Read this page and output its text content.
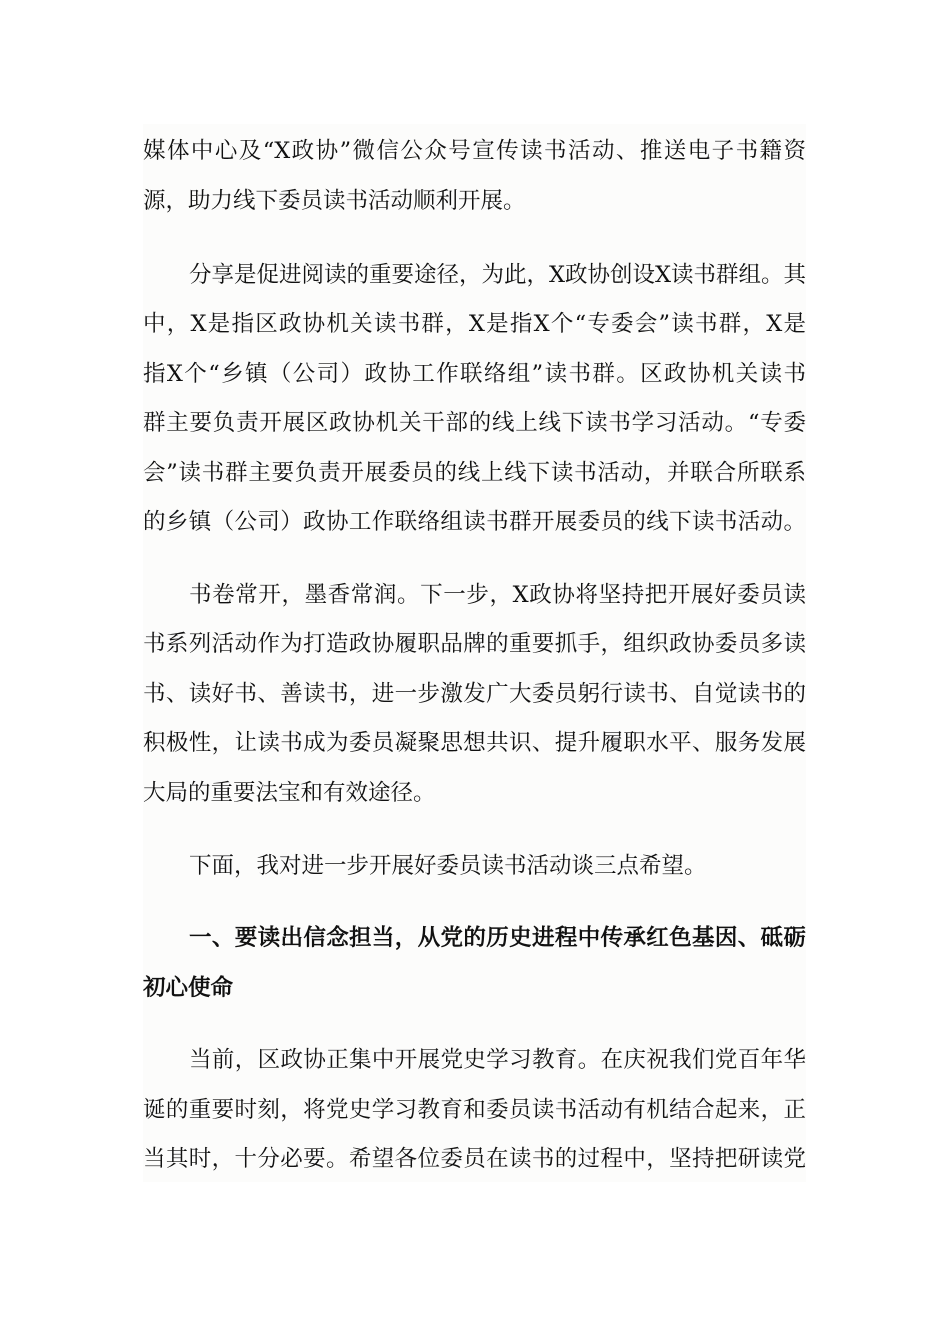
媒体中心及“X政协”微信公众号宣传读书活动、推送电子书籍资
源，助力线下委员读书活动顺利开展。
分享是促进阅读的重要途径，为此，X政协创设X读书群组。其
中，X是指区政协机关读书群，X是指X个“专委会”读书群，X是
指X个“乡镇（公司）政协工作联络组”读书群。区政协机关读书
群主要负责开展区政协机关干部的线上线下读书学习活动。“专委
会”读书群主要负责开展委员的线上线下读书活动，并联合所联系
的乡镇（公司）政协工作联络组读书群开展委员的线下读书活动。
书卷常开，墨香常润。下一步，X政协将坚持把开展好委员读
书系列活动作为打造政协履职品牌的重要抓手，组织政协委员多读
书、读好书、善读书，进一步激发广大委员躬行读书、自觉读书的
积极性，让读书成为委员凝聚思想共识、提升履职水平、服务发展
大局的重要法宝和有效途径。
下面，我对进一步开展好委员读书活动谈三点希望。
一、要读出信念担当，从党的历史进程中传承红色基因、砥砺
初心使命
当前，区政协正集中开展党史学习教育。在庆祝我们党百年华
诞的重要时刻，将党史学习教育和委员读书活动有机结合起来，正
当其时，十分必要。希望各位委员在读书的过程中，坚持把研读党
